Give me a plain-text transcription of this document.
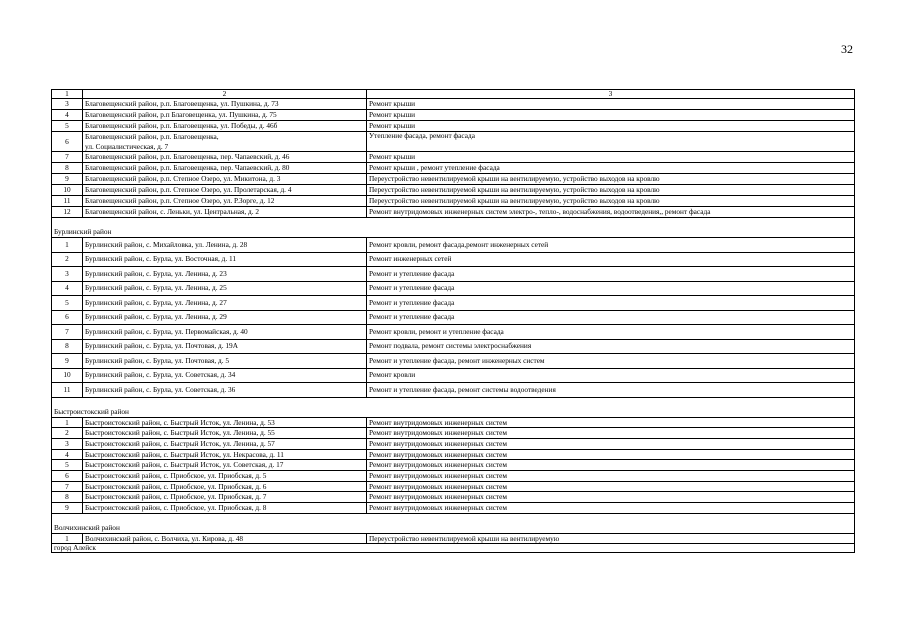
32
1	2	3
3	Благовещенский район, р.п. Благовещенка, ул. Пушкина, д. 73	Ремонт крыши
4	Благовещенский район, р.п Благовещенка, ул. Пушкина, д. 75	Ремонт крыши
5	Благовещенский район, р.п. Благовещенка, ул. Победы, д. 46б	Ремонт крыши
6	Благовещенский район, р.п. Благовещенка,
ул. Социалистическая, д. 7	Утепление фасада, ремонт фасада
7	Благовещенский район, р.п. Благовещенка, пер. Чапаевский, д. 46	Ремонт крыши
8	Благовещенский район, р.п. Благовещенка, пер. Чапаевский, д. 80	Ремонт крыши , ремонт утепление фасада
9	Благовещенский район, р.п. Степное Озеро, ул. Микитона, д. 3	Переустройство невентилируемой крыши на вентилируемую, устройство выходов на кровлю
10	Благовещенский район, р.п. Степное Озеро, ул. Пролетарская, д. 4	Переустройство невентилируемой крыши на вентилируемую, устройство выходов на кровлю
11	Благовещенский район, р.п. Степное Озеро, ул. Р.Зорге, д. 12	Переустройство невентилируемой крыши на вентилируемую, устройство выходов на кровлю
12	Благовещенский район, с. Леньки, ул. Центральная, д. 2	Ремонт внутридомовых инженерных систем электро-, тепло-, водоснабжения, водоотведения,, ремонт фасада

Бурлинский район		
1	Бурлинский район, с. Михайловка, ул. Ленина, д. 28	Ремонт кровли, ремонт фасада,ремонт инженерных сетей
2	Бурлинский район, с. Бурла, ул. Восточная, д. 11	Ремонт инженерных сетей
3	Бурлинский район, с. Бурла, ул. Ленина, д. 23	Ремонт и утепление фасада
4	Бурлинский район, с. Бурла, ул. Ленина, д. 25	Ремонт и утепление фасада
5	Бурлинский район, с. Бурла, ул. Ленина, д. 27	Ремонт и утепление фасада
6	Бурлинский район, с. Бурла, ул. Ленина, д. 29	Ремонт и утепление фасада
7	Бурлинский район, с. Бурла, ул. Первомайская, д. 40	Ремонт кровли, ремонт и утепление фасада
8	Бурлинский район, с. Бурла, ул. Почтовая, д. 19А	Ремонт подвала, ремонт системы электроснабжения
9	Бурлинский район, с. Бурла, ул. Почтовая, д. 5	Ремонт и утепление фасада, ремонт инженерных систем
10	Бурлинский район, с. Бурла, ул. Советская, д. 34	Ремонт кровли
11	Бурлинский район, с. Бурла, ул. Советская, д. 36	Ремонт и утепление фасада, ремонт системы водоотведения

Быстроистокский район		
1	Быстроистокский район, с. Быстрый Исток, ул. Ленина, д. 53	Ремонт внутридомовых инженерных систем
2	Быстроистокский район, с. Быстрый Исток, ул. Ленина, д. 55	Ремонт внутридомовых инженерных систем
3	Быстроистокский район, с. Быстрый Исток, ул. Ленина, д. 57	Ремонт внутридомовых инженерных систем
4	Быстроистокский район, с. Быстрый Исток, ул. Некрасова, д. 11	Ремонт внутридомовых инженерных систем
5	Быстроистокский район, с. Быстрый Исток, ул. Советская, д. 17	Ремонт внутридомовых инженерных систем
6	Быстроистокский район, с. Приобское, ул. Приобская, д. 5	Ремонт внутридомовых инженерных систем
7	Быстроистокский район, с. Приобское, ул. Приобская, д. 6	Ремонт внутридомовых инженерных систем
8	Быстроистокский район, с. Приобское, ул. Приобская, д. 7	Ремонт внутридомовых инженерных систем
9	Быстроистокский район, с. Приобское, ул. Приобская, д. 8	Ремонт внутридомовых инженерных систем

Волчихинский район		
1	Волчихинский район, с. Волчиха, ул. Кирова, д. 48	Переустройство невентилируемой крыши на вентилируемую
город Алейск		
